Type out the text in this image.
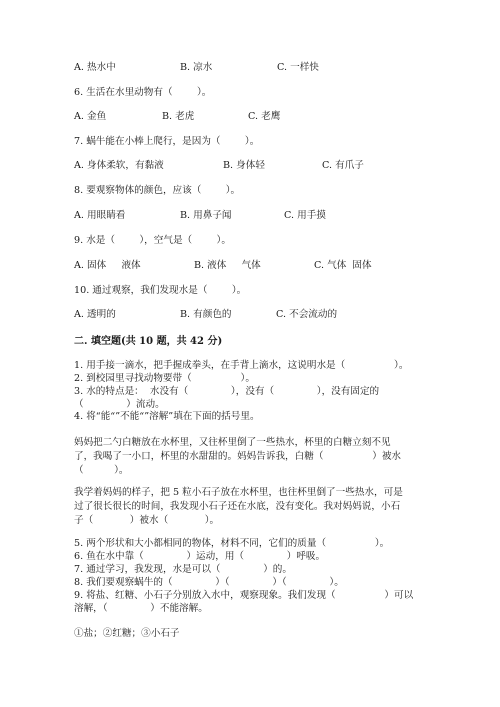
A. 热水中	B. 凉水	C. 一样快
6. 生活在水里动物有（        ）。
A. 金鱼	B. 老虎	C. 老鹰
7. 蜗牛能在小棒上爬行，是因为（        ）。
A. 身体柔软，有黏液	B. 身体轻	C. 有爪子
8. 要观察物体的颜色，应该（        ）。
A. 用眼睛看	B. 用鼻子闻	C. 用手摸
9. 水是（        ），空气是（        ）。
A. 固体     液体	B. 液体     气体	C. 气体  固体
10. 通过观察，我们发现水是（        ）。
A. 透明的	B. 有颜色的	C. 不会流动的
二. 填空题(共 10 题，共 42 分)
1. 用手接一滴水，把手握成拳头，在手背上滴水，这说明水是（                ）。
2. 到校园里寻找动物要带（                ）。
3. 水的特点是：  水没有（              ），没有（              ），没有固定的
（              ）流动。
4. 将“能“”不能“”溶解”填在下面的括号里。
妈妈把二勺白糖放在水杯里，又往杯里倒了一些热水，杯里的白糖立刻不见
了，我喝了一小口，杯里的水甜甜的。妈妈告诉我，白糖（                ）被水
（          ）。
我学着妈妈的样子，把 5 粒小石子放在水杯里，也往杯里倒了一些热水，可是
过了很长很长的时间，我发现小石子还在水底，没有变化。我对妈妈说，小石
子（            ）被水（            ）。
5. 两个形状和大小都相同的物体，材料不同，它们的质量（                ）。
6. 鱼在水中靠（              ）运动，用（              ）呼吸。
7. 通过学习，我发现，水是可以（              ）的。
8. 我们要观察蜗牛的（              ）（              ）（              ）。
9. 将盐、红糖、小石子分别放入水中，观察现象。我们发现（                ）可以
溶解，（              ）不能溶解。
①盐；②红糖；③小石子
